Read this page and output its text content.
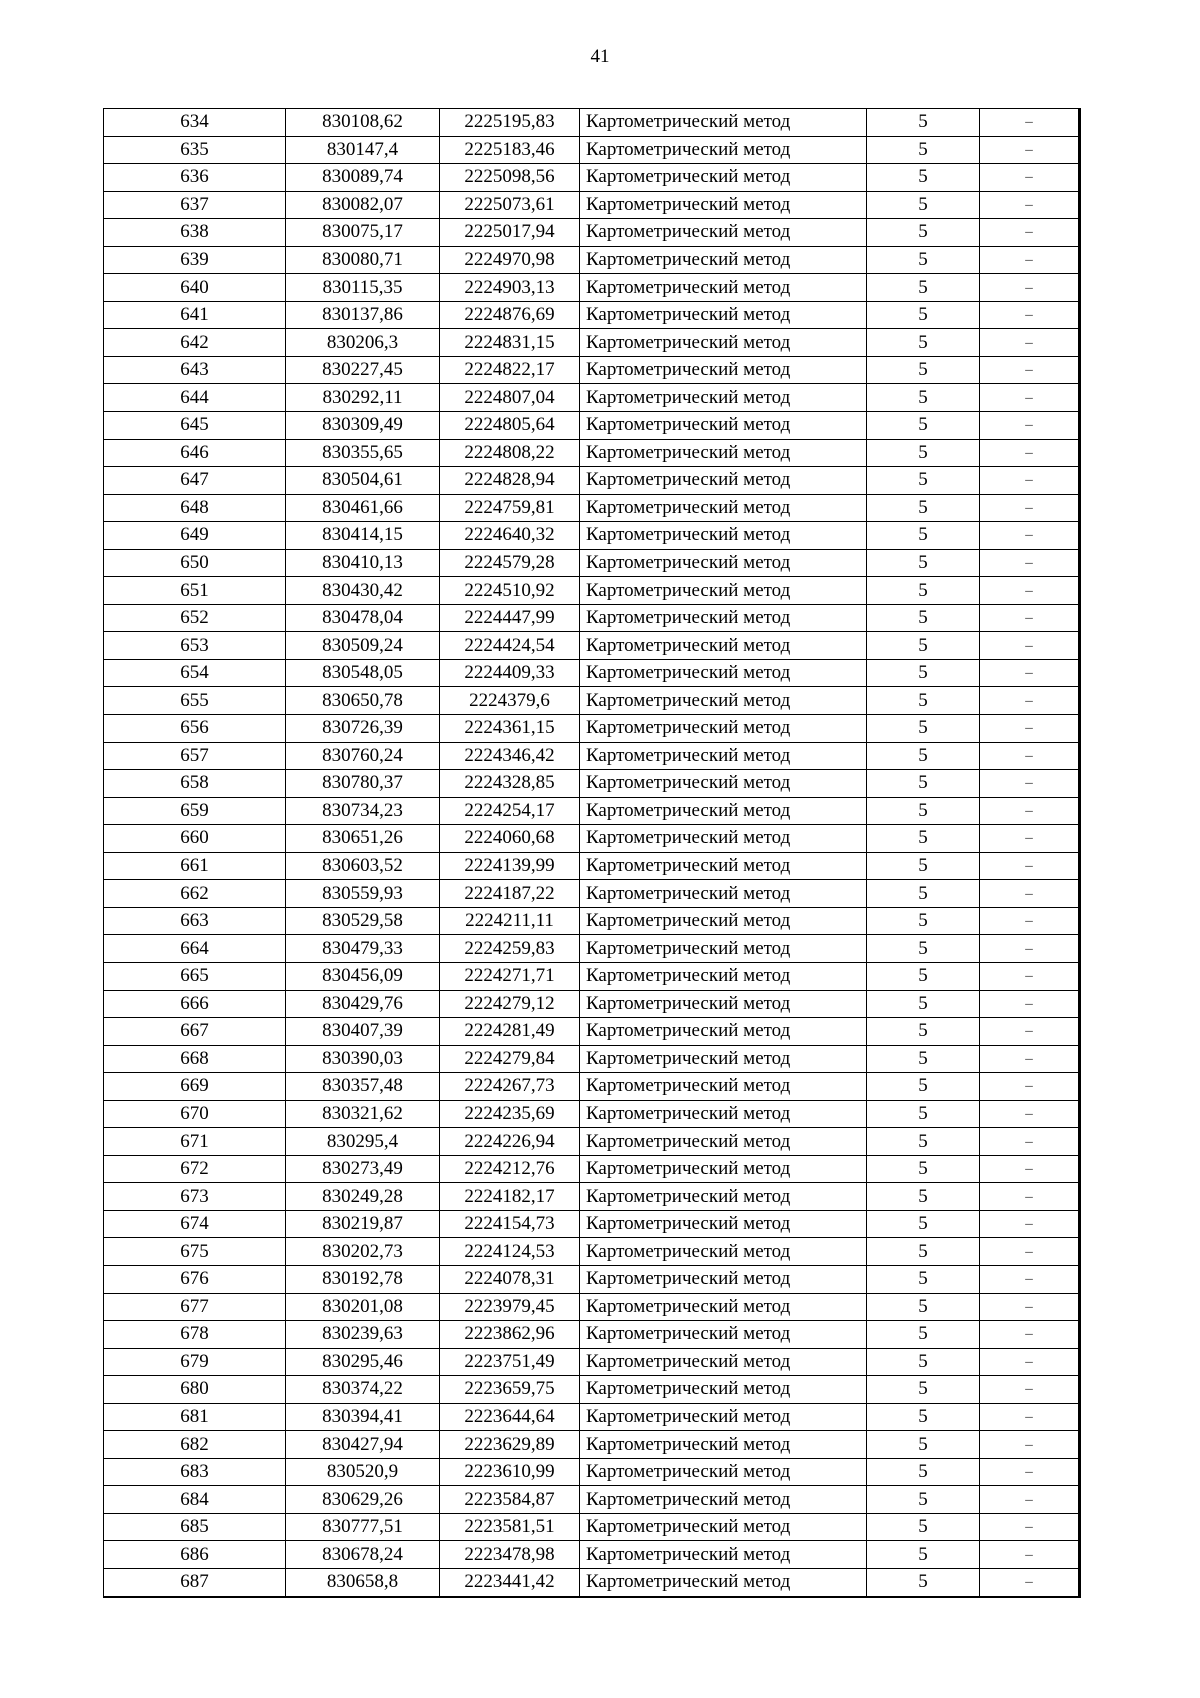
41
634	830108,62	2225195,83	Картометрический метод	5	–
635	830147,4	2225183,46	Картометрический метод	5	–
636	830089,74	2225098,56	Картометрический метод	5	–
637	830082,07	2225073,61	Картометрический метод	5	–
638	830075,17	2225017,94	Картометрический метод	5	–
639	830080,71	2224970,98	Картометрический метод	5	–
640	830115,35	2224903,13	Картометрический метод	5	–
641	830137,86	2224876,69	Картометрический метод	5	–
642	830206,3	2224831,15	Картометрический метод	5	–
643	830227,45	2224822,17	Картометрический метод	5	–
644	830292,11	2224807,04	Картометрический метод	5	–
645	830309,49	2224805,64	Картометрический метод	5	–
646	830355,65	2224808,22	Картометрический метод	5	–
647	830504,61	2224828,94	Картометрический метод	5	–
648	830461,66	2224759,81	Картометрический метод	5	–
649	830414,15	2224640,32	Картометрический метод	5	–
650	830410,13	2224579,28	Картометрический метод	5	–
651	830430,42	2224510,92	Картометрический метод	5	–
652	830478,04	2224447,99	Картометрический метод	5	–
653	830509,24	2224424,54	Картометрический метод	5	–
654	830548,05	2224409,33	Картометрический метод	5	–
655	830650,78	2224379,6	Картометрический метод	5	–
656	830726,39	2224361,15	Картометрический метод	5	–
657	830760,24	2224346,42	Картометрический метод	5	–
658	830780,37	2224328,85	Картометрический метод	5	–
659	830734,23	2224254,17	Картометрический метод	5	–
660	830651,26	2224060,68	Картометрический метод	5	–
661	830603,52	2224139,99	Картометрический метод	5	–
662	830559,93	2224187,22	Картометрический метод	5	–
663	830529,58	2224211,11	Картометрический метод	5	–
664	830479,33	2224259,83	Картометрический метод	5	–
665	830456,09	2224271,71	Картометрический метод	5	–
666	830429,76	2224279,12	Картометрический метод	5	–
667	830407,39	2224281,49	Картометрический метод	5	–
668	830390,03	2224279,84	Картометрический метод	5	–
669	830357,48	2224267,73	Картометрический метод	5	–
670	830321,62	2224235,69	Картометрический метод	5	–
671	830295,4	2224226,94	Картометрический метод	5	–
672	830273,49	2224212,76	Картометрический метод	5	–
673	830249,28	2224182,17	Картометрический метод	5	–
674	830219,87	2224154,73	Картометрический метод	5	–
675	830202,73	2224124,53	Картометрический метод	5	–
676	830192,78	2224078,31	Картометрический метод	5	–
677	830201,08	2223979,45	Картометрический метод	5	–
678	830239,63	2223862,96	Картометрический метод	5	–
679	830295,46	2223751,49	Картометрический метод	5	–
680	830374,22	2223659,75	Картометрический метод	5	–
681	830394,41	2223644,64	Картометрический метод	5	–
682	830427,94	2223629,89	Картометрический метод	5	–
683	830520,9	2223610,99	Картометрический метод	5	–
684	830629,26	2223584,87	Картометрический метод	5	–
685	830777,51	2223581,51	Картометрический метод	5	–
686	830678,24	2223478,98	Картометрический метод	5	–
687	830658,8	2223441,42	Картометрический метод	5	–
